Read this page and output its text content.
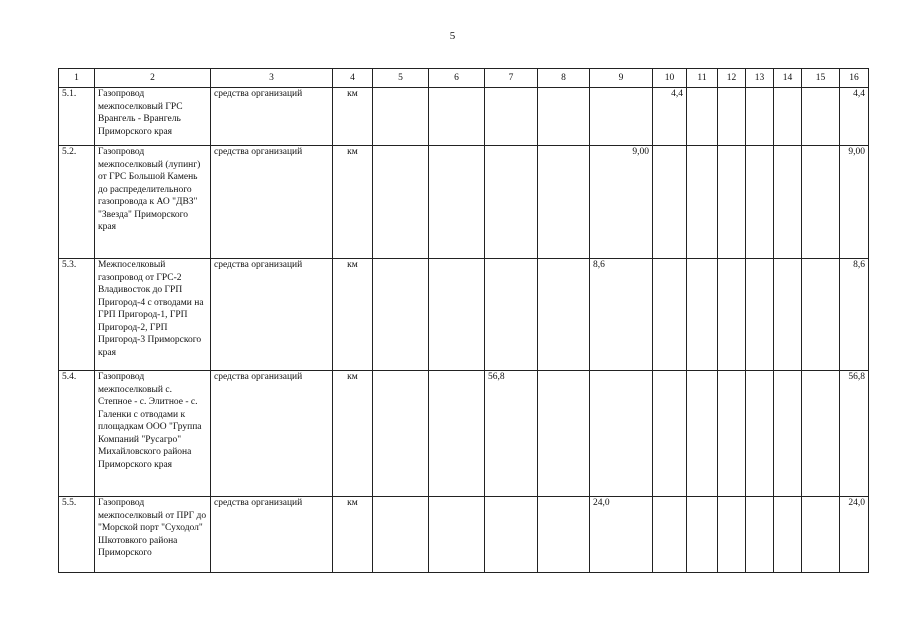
5
1	2	3	4	5	6	7	8	9	10	11	12	13	14	15	16
5.1.	Газопровод межпоселковый ГРС Врангель - Врангель Приморского края	средства организаций	км						4,4						4,4
5.2.	Газопровод межпоселковый (лупинг) от ГРС Большой Камень до распределительного газопровода к АО "ДВЗ" "Звезда" Приморского края	средства организаций	км					9,00							9,00
5.3.	Межпоселковый газопровод от ГРС-2 Владивосток до ГРП Пригород-4 с отводами на ГРП Пригород-1, ГРП Пригород-2, ГРП Пригород-3 Приморского края	средства организаций	км					8,6							8,6
5.4.	Газопровод межпоселковый с. Степное - с. Элитное - с. Галенки с отводами к площадкам ООО "Группа Компаний "Русагро" Михайловского района Приморского края	средства организаций	км			56,8									56,8
5.5.	Газопровод межпоселковый от ПРГ до "Морской порт "Суходол" Шкотовкого района Приморского	средства организаций	км					24,0							24,0
